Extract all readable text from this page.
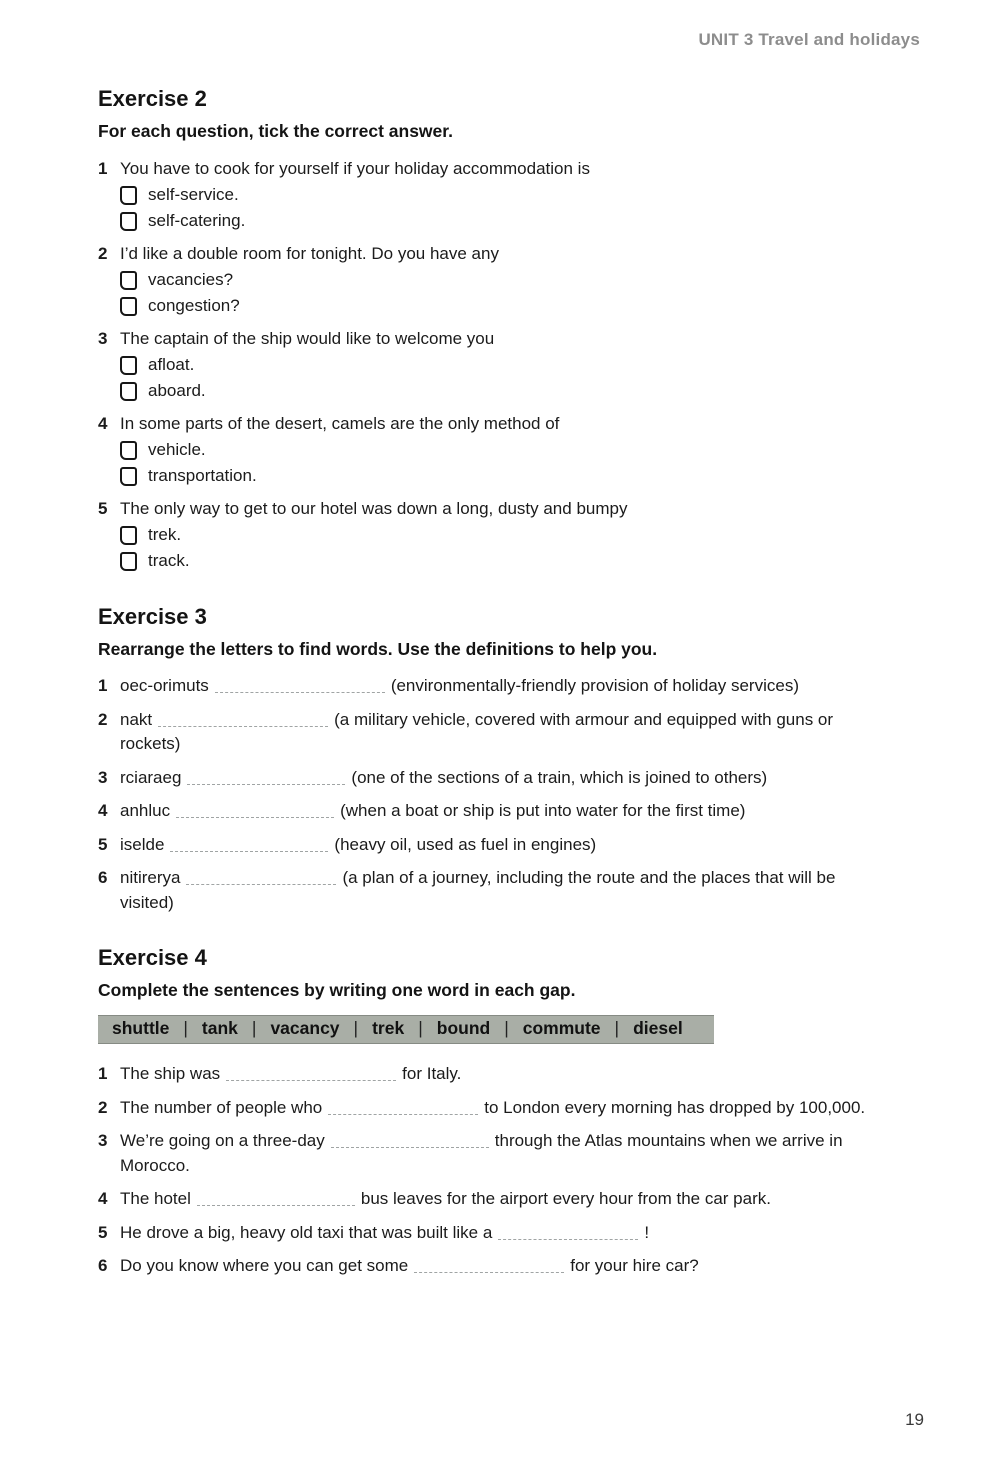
UNIT 3 Travel and holidays
Exercise 2

For each question, tick the correct answer.

1 You have to cook for yourself if your holiday accommodation is
self-service.
self-catering.
2 I’d like a double room for tonight. Do you have any
vacancies?
congestion?
3 The captain of the ship would like to welcome you
afloat.
aboard.
4 In some parts of the desert, camels are the only method of
vehicle.
transportation.
5 The only way to get to our hotel was down a long, dusty and bumpy
trek.
track.
Exercise 3

Rearrange the letters to find words. Use the definitions to help you.

1 oec-orimuts	(environmentally-friendly provision of holiday services)
2 nakt	(a military vehicle, covered with armour and equipped with guns or rockets)
3 rciaraeg	(one of the sections of a train, which is joined to others)
4 anhluc	(when a boat or ship is put into water for the first time)
5 iselde	(heavy oil, used as fuel in engines)
6 nitirerya	(a plan of a journey, including the route and the places that will be visited)
Exercise 4

Complete the sentences by writing one word in each gap.

shuttle | tank | vacancy | trek | bound | commute | diesel
1 The ship was	for Italy.
2 The number of people who	to London every morning has dropped by 100,000.
3 We’re going on a three-day	through the Atlas mountains when we arrive in Morocco.
4 The hotel	bus leaves for the airport every hour from the car park.
5 He drove a big, heavy old taxi that was built like a	!
6 Do you know where you can get some	for your hire car?
19
